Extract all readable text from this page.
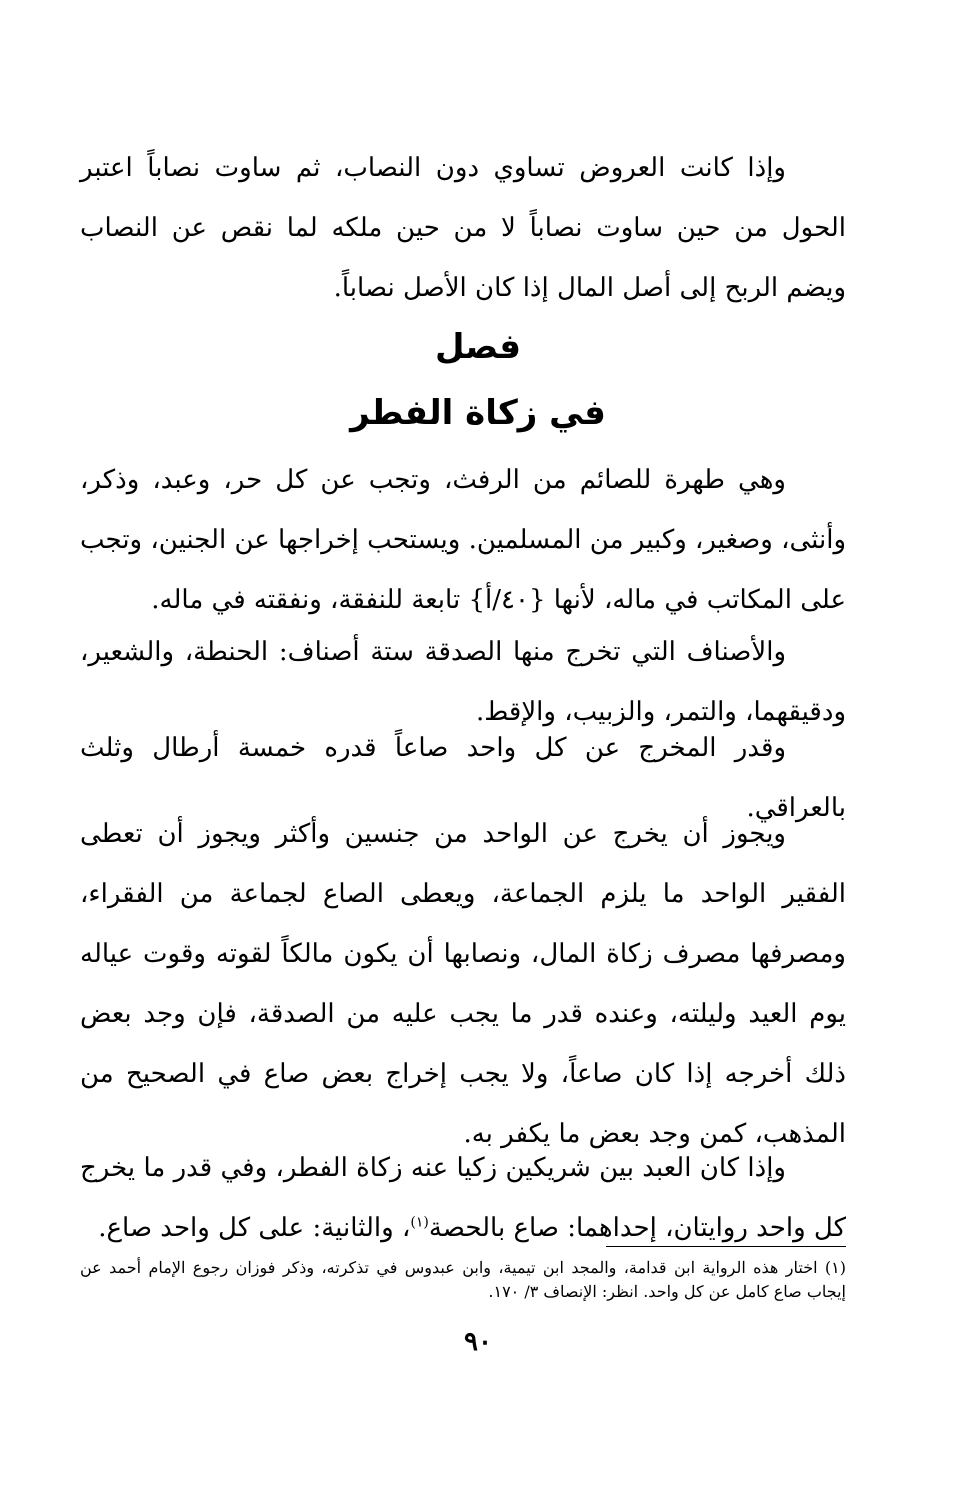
وإذا كانت العروض تساوي دون النصاب، ثم ساوت نصاباً اعتبر الحول من حين ساوت نصاباً لا من حين ملكه لما نقص عن النصاب ويضم الربح إلى أصل المال إذا كان الأصل نصاباً.

فصل
في زكاة الفطر

وهي طهرة للصائم من الرفث، وتجب عن كل حر، وعبد، وذكر، وأنثى، وصغير، وكبير من المسلمين. ويستحب إخراجها عن الجنين، وتجب على المكاتب في ماله، لأنها {٤٠/أ} تابعة للنفقة، ونفقته في ماله.

والأصناف التي تخرج منها الصدقة ستة أصناف: الحنطة، والشعير، ودقيقهما، والتمر، والزبيب، والإقط.

وقدر المخرج عن كل واحد صاعاً قدره خمسة أرطال وثلث بالعراقي.

ويجوز أن يخرج عن الواحد من جنسين وأكثر ويجوز أن تعطى الفقير الواحد ما يلزم الجماعة، ويعطى الصاع لجماعة من الفقراء، ومصرفها مصرف زكاة المال، ونصابها أن يكون مالكاً لقوته وقوت عياله يوم العيد وليلته، وعنده قدر ما يجب عليه من الصدقة، فإن وجد بعض ذلك أخرجه إذا كان صاعاً، ولا يجب إخراج بعض صاع في الصحيح من المذهب، كمن وجد بعض ما يكفر به.

وإذا كان العبد بين شريكين زكيا عنه زكاة الفطر، وفي قدر ما يخرج كل واحد روايتان، إحداهما: صاع بالحصة$^{(١)}$، والثانية: على كل واحد صاع.

(١) اختار هذه الرواية ابن قدامة، والمجد ابن تيمية، وابن عبدوس في تذكرته، وذكر فوزان رجوع الإمام أحمد عن إيجاب صاع كامل عن كل واحد. انظر: الإنصاف ٣/ ١٧٠.

٩٠
